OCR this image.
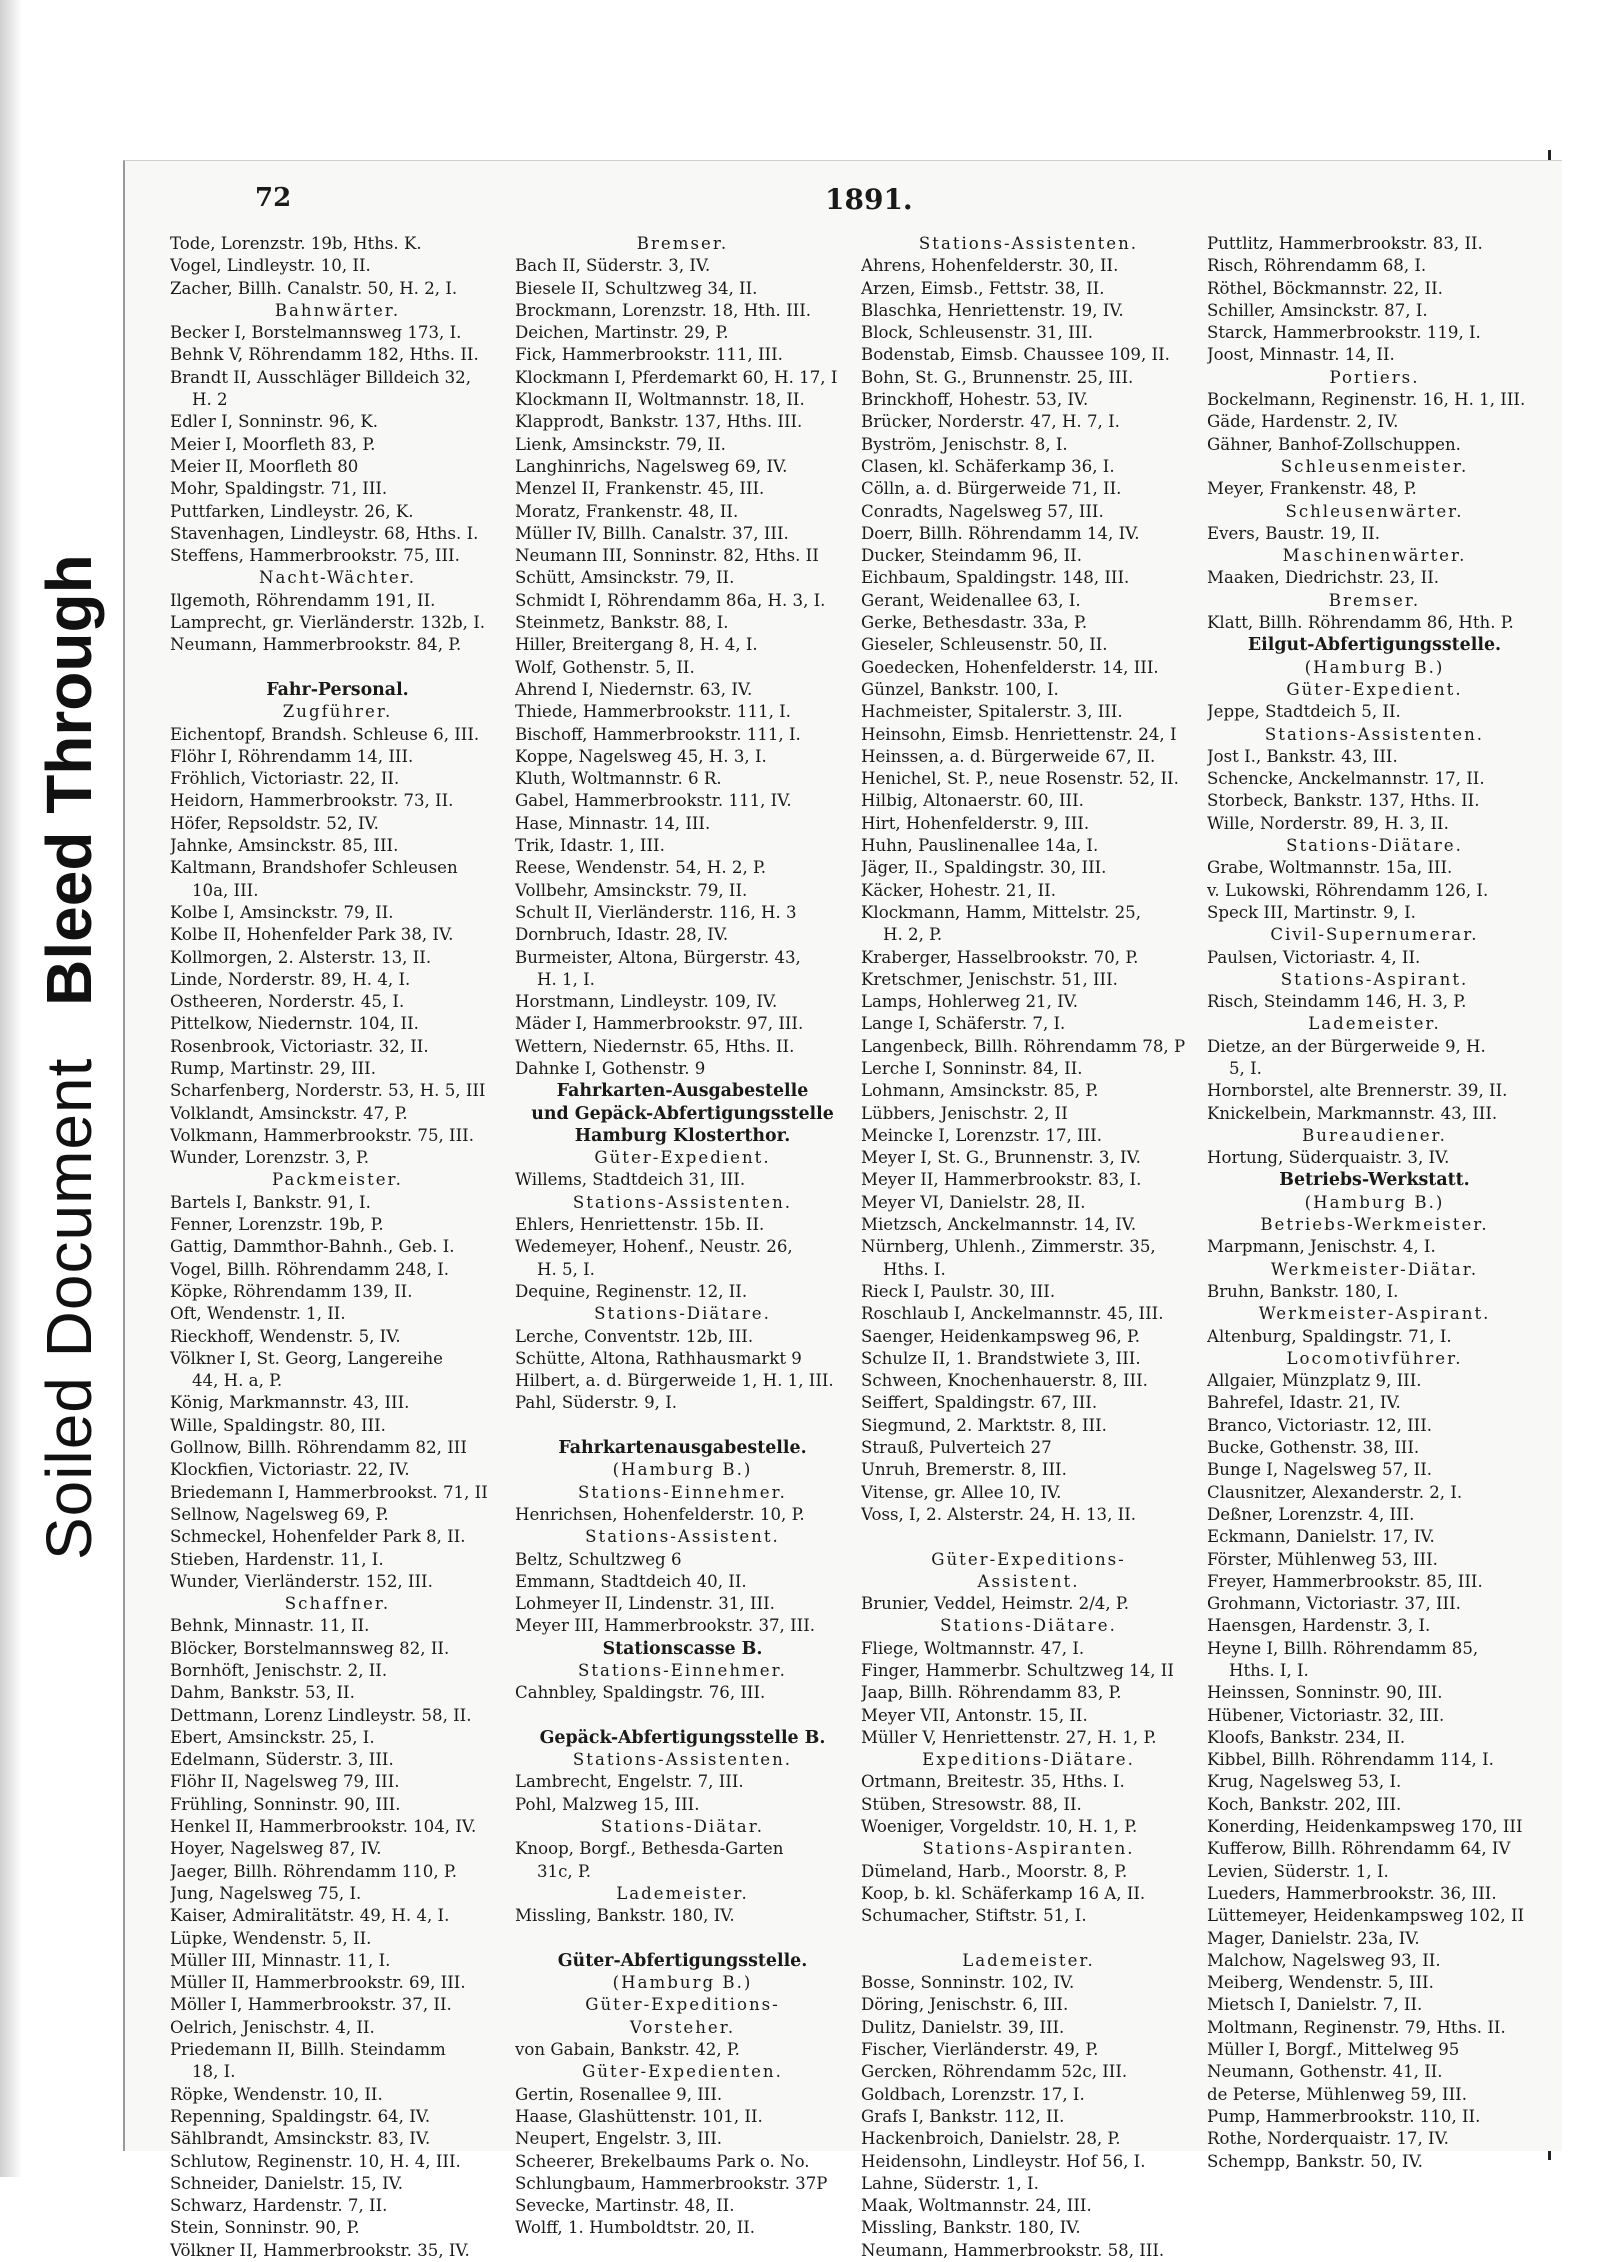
Soiled Document Bleed Through
72	1891.
Tode, Lorenzstr. 19b, Hths. K.
Vogel, Lindleystr. 10, II.
Zacher, Billh. Canalstr. 50, H. 2, I.
Bahnwärter.
Becker I, Borstelmannsweg 173, I.
Behnk V, Röhrendamm 182, Hths. II.
Brandt II, Ausschläger Billdeich 32,
H. 2
Edler I, Sonninstr. 96, K.
Meier I, Moorfleth 83, P.
Meier II, Moorfleth 80
Mohr, Spaldingstr. 71, III.
Puttfarken, Lindleystr. 26, K.
Stavenhagen, Lindleystr. 68, Hths. I.
Steffens, Hammerbrookstr. 75, III.
Nacht-Wächter.
Ilgemoth, Röhrendamm 191, II.
Lamprecht, gr. Vierländerstr. 132b, I.
Neumann, Hammerbrookstr. 84, P.
Fahr-Personal.
Zugführer.
Eichentopf, Brandsh. Schleuse 6, III.
Flöhr I, Röhrendamm 14, III.
Fröhlich, Victoriastr. 22, II.
Heidorn, Hammerbrookstr. 73, II.
Höfer, Repsoldstr. 52, IV.
Jahnke, Amsinckstr. 85, III.
Kaltmann, Brandshofer Schleusen
10a, III.
Kolbe I, Amsinckstr. 79, II.
Kolbe II, Hohenfelder Park 38, IV.
Kollmorgen, 2. Alsterstr. 13, II.
Linde, Norderstr. 89, H. 4, I.
Ostheeren, Norderstr. 45, I.
Pittelkow, Niedernstr. 104, II.
Rosenbrook, Victoriastr. 32, II.
Rump, Martinstr. 29, III.
Scharfenberg, Norderstr. 53, H. 5, III
Volklandt, Amsinckstr. 47, P.
Volkmann, Hammerbrookstr. 75, III.
Wunder, Lorenzstr. 3, P.
Packmeister.
Bartels I, Bankstr. 91, I.
Fenner, Lorenzstr. 19b, P.
Gattig, Dammthor-Bahnh., Geb. I.
Vogel, Billh. Röhrendamm 248, I.
Köpke, Röhrendamm 139, II.
Oft, Wendenstr. 1, II.
Rieckhoff, Wendenstr. 5, IV.
Völkner I, St. Georg, Langereihe
44, H. a, P.
König, Markmannstr. 43, III.
Wille, Spaldingstr. 80, III.
Gollnow, Billh. Röhrendamm 82, III
Klockfien, Victoriastr. 22, IV.
Briedemann I, Hammerbrookst. 71, II
Sellnow, Nagelsweg 69, P.
Schmeckel, Hohenfelder Park 8, II.
Stieben, Hardenstr. 11, I.
Wunder, Vierländerstr. 152, III.
Schaffner.
Behnk, Minnastr. 11, II.
Blöcker, Borstelmannsweg 82, II.
Bornhöft, Jenischstr. 2, II.
Dahm, Bankstr. 53, II.
Dettmann, Lorenz Lindleystr. 58, II.
Ebert, Amsinckstr. 25, I.
Edelmann, Süderstr. 3, III.
Flöhr II, Nagelsweg 79, III.
Frühling, Sonninstr. 90, III.
Henkel II, Hammerbrookstr. 104, IV.
Hoyer, Nagelsweg 87, IV.
Jaeger, Billh. Röhrendamm 110, P.
Jung, Nagelsweg 75, I.
Kaiser, Admiralitätstr. 49, H. 4, I.
Lüpke, Wendenstr. 5, II.
Müller III, Minnastr. 11, I.
Müller II, Hammerbrookstr. 69, III.
Möller I, Hammerbrookstr. 37, II.
Oelrich, Jenischstr. 4, II.
Priedemann II, Billh. Steindamm
18, I.
Röpke, Wendenstr. 10, II.
Repenning, Spaldingstr. 64, IV.
Sählbrandt, Amsinckstr. 83, IV.
Schlutow, Reginenstr. 10, H. 4, III.
Schneider, Danielstr. 15, IV.
Schwarz, Hardenstr. 7, II.
Stein, Sonninstr. 90, P.
Völkner II, Hammerbrookstr. 35, IV.
Bremser.
Bach II, Süderstr. 3, IV.
Biesele II, Schultzweg 34, II.
Brockmann, Lorenzstr. 18, Hth. III.
Deichen, Martinstr. 29, P.
Fick, Hammerbrookstr. 111, III.
Klockmann I, Pferdemarkt 60, H. 17, I
Klockmann II, Woltmannstr. 18, II.
Klapprodt, Bankstr. 137, Hths. III.
Lienk, Amsinckstr. 79, II.
Langhinrichs, Nagelsweg 69, IV.
Menzel II, Frankenstr. 45, III.
Moratz, Frankenstr. 48, II.
Müller IV, Billh. Canalstr. 37, III.
Neumann III, Sonninstr. 82, Hths. II
Schütt, Amsinckstr. 79, II.
Schmidt I, Röhrendamm 86a, H. 3, I.
Steinmetz, Bankstr. 88, I.
Hiller, Breitergang 8, H. 4, I.
Wolf, Gothenstr. 5, II.
Ahrend I, Niedernstr. 63, IV.
Thiede, Hammerbrookstr. 111, I.
Bischoff, Hammerbrookstr. 111, I.
Koppe, Nagelsweg 45, H. 3, I.
Kluth, Woltmannstr. 6 R.
Gabel, Hammerbrookstr. 111, IV.
Hase, Minnastr. 14, III.
Trik, Idastr. 1, III.
Reese, Wendenstr. 54, H. 2, P.
Vollbehr, Amsinckstr. 79, II.
Schult II, Vierländerstr. 116, H. 3
Dornbruch, Idastr. 28, IV.
Burmeister, Altona, Bürgerstr. 43,
H. 1, I.
Horstmann, Lindleystr. 109, IV.
Mäder I, Hammerbrookstr. 97, III.
Wettern, Niedernstr. 65, Hths. II.
Dahnke I, Gothenstr. 9
Fahrkarten-Ausgabestelle
und Gepäck-Abfertigungsstelle
Hamburg Klosterthor.
Güter-Expedient.
Willems, Stadtdeich 31, III.
Stations-Assistenten.
Ehlers, Henriettenstr. 15b. II.
Wedemeyer, Hohenf., Neustr. 26,
H. 5, I.
Dequine, Reginenstr. 12, II.
Stations-Diätare.
Lerche, Conventstr. 12b, III.
Schütte, Altona, Rathhausmarkt 9
Hilbert, a. d. Bürgerweide 1, H. 1, III.
Pahl, Süderstr. 9, I.
Fahrkartenausgabestelle.
(Hamburg B.)
Stations-Einnehmer.
Henrichsen, Hohenfelderstr. 10, P.
Stations-Assistent.
Beltz, Schultzweg 6
Emmann, Stadtdeich 40, II.
Lohmeyer II, Lindenstr. 31, III.
Meyer III, Hammerbrookstr. 37, III.
Stationscasse B.
Stations-Einnehmer.
Cahnbley, Spaldingstr. 76, III.
Gepäck-Abfertigungsstelle B.
Stations-Assistenten.
Lambrecht, Engelstr. 7, III.
Pohl, Malzweg 15, III.
Stations-Diätar.
Knoop, Borgf., Bethesda-Garten
31c, P.
Lademeister.
Missling, Bankstr. 180, IV.
Güter-Abfertigungsstelle.
(Hamburg B.)
Güter-Expeditions-
Vorsteher.
von Gabain, Bankstr. 42, P.
Güter-Expedienten.
Gertin, Rosenallee 9, III.
Haase, Glashüttenstr. 101, II.
Neupert, Engelstr. 3, III.
Scheerer, Brekelbaums Park o. No.
Schlungbaum, Hammerbrookstr. 37P
Sevecke, Martinstr. 48, II.
Wolff, 1. Humboldtstr. 20, II.
Stations-Assistenten.
Ahrens, Hohenfelderstr. 30, II.
Arzen, Eimsb., Fettstr. 38, II.
Blaschka, Henriettenstr. 19, IV.
Block, Schleusenstr. 31, III.
Bodenstab, Eimsb. Chaussee 109, II.
Bohn, St. G., Brunnenstr. 25, III.
Brinckhoff, Hohestr. 53, IV.
Brücker, Norderstr. 47, H. 7, I.
Byström, Jenischstr. 8, I.
Clasen, kl. Schäferkamp 36, I.
Cölln, a. d. Bürgerweide 71, II.
Conradts, Nagelsweg 57, III.
Doerr, Billh. Röhrendamm 14, IV.
Ducker, Steindamm 96, II.
Eichbaum, Spaldingstr. 148, III.
Gerant, Weidenallee 63, I.
Gerke, Bethesdastr. 33a, P.
Gieseler, Schleusenstr. 50, II.
Goedecken, Hohenfelderstr. 14, III.
Günzel, Bankstr. 100, I.
Hachmeister, Spitalerstr. 3, III.
Heinsohn, Eimsb. Henriettenstr. 24, I
Heinssen, a. d. Bürgerweide 67, II.
Henichel, St. P., neue Rosenstr. 52, II.
Hilbig, Altonaerstr. 60, III.
Hirt, Hohenfelderstr. 9, III.
Huhn, Pauslinenallee 14a, I.
Jäger, II., Spaldingstr. 30, III.
Käcker, Hohestr. 21, II.
Klockmann, Hamm, Mittelstr. 25,
H. 2, P.
Kraberger, Hasselbrookstr. 70, P.
Kretschmer, Jenischstr. 51, III.
Lamps, Hohlerweg 21, IV.
Lange I, Schäferstr. 7, I.
Langenbeck, Billh. Röhrendamm 78, P
Lerche I, Sonninstr. 84, II.
Lohmann, Amsinckstr. 85, P.
Lübbers, Jenischstr. 2, II
Meincke I, Lorenzstr. 17, III.
Meyer I, St. G., Brunnenstr. 3, IV.
Meyer II, Hammerbrookstr. 83, I.
Meyer VI, Danielstr. 28, II.
Mietzsch, Anckelmannstr. 14, IV.
Nürnberg, Uhlenh., Zimmerstr. 35,
Hths. I.
Rieck I, Paulstr. 30, III.
Roschlaub I, Anckelmannstr. 45, III.
Saenger, Heidenkampsweg 96, P.
Schulze II, 1. Brandstwiete 3, III.
Schween, Knochenhauerstr. 8, III.
Seiffert, Spaldingstr. 67, III.
Siegmund, 2. Marktstr. 8, III.
Strauß, Pulverteich 27
Unruh, Bremerstr. 8, III.
Vitense, gr. Allee 10, IV.
Voss, I, 2. Alsterstr. 24, H. 13, II.
Güter-Expeditions-
Assistent.
Brunier, Veddel, Heimstr. 2/4, P.
Stations-Diätare.
Fliege, Woltmannstr. 47, I.
Finger, Hammerbr. Schultzweg 14, II
Jaap, Billh. Röhrendamm 83, P.
Meyer VII, Antonstr. 15, II.
Müller V, Henriettenstr. 27, H. 1, P.
Expeditions-Diätare.
Ortmann, Breitestr. 35, Hths. I.
Stüben, Stresowstr. 88, II.
Woeniger, Vorgeldstr. 10, H. 1, P.
Stations-Aspiranten.
Dümeland, Harb., Moorstr. 8, P.
Koop, b. kl. Schäferkamp 16 A, II.
Schumacher, Stiftstr. 51, I.
Lademeister.
Bosse, Sonninstr. 102, IV.
Döring, Jenischstr. 6, III.
Dulitz, Danielstr. 39, III.
Fischer, Vierländerstr. 49, P.
Gercken, Röhrendamm 52c, III.
Goldbach, Lorenzstr. 17, I.
Grafs I, Bankstr. 112, II.
Hackenbroich, Danielstr. 28, P.
Heidensohn, Lindleystr. Hof 56, I.
Lahne, Süderstr. 1, I.
Maak, Woltmannstr. 24, III.
Missling, Bankstr. 180, IV.
Neumann, Hammerbrookstr. 58, III.
Puttlitz, Hammerbrookstr. 83, II.
Risch, Röhrendamm 68, I.
Röthel, Böckmannstr. 22, II.
Schiller, Amsinckstr. 87, I.
Starck, Hammerbrookstr. 119, I.
Joost, Minnastr. 14, II.
Portiers.
Bockelmann, Reginenstr. 16, H. 1, III.
Gäde, Hardenstr. 2, IV.
Gähner, Banhof-Zollschuppen.
Schleusenmeister.
Meyer, Frankenstr. 48, P.
Schleusenwärter.
Evers, Baustr. 19, II.
Maschinenwärter.
Maaken, Diedrichstr. 23, II.
Bremser.
Klatt, Billh. Röhrendamm 86, Hth. P.
Eilgut-Abfertigungsstelle.
(Hamburg B.)
Güter-Expedient.
Jeppe, Stadtdeich 5, II.
Stations-Assistenten.
Jost I., Bankstr. 43, III.
Schencke, Anckelmannstr. 17, II.
Storbeck, Bankstr. 137, Hths. II.
Wille, Norderstr. 89, H. 3, II.
Stations-Diätare.
Grabe, Woltmannstr. 15a, III.
v. Lukowski, Röhrendamm 126, I.
Speck III, Martinstr. 9, I.
Civil-Supernumerar.
Paulsen, Victoriastr. 4, II.
Stations-Aspirant.
Risch, Steindamm 146, H. 3, P.
Lademeister.
Dietze, an der Bürgerweide 9, H.
5, I.
Hornborstel, alte Brennerstr. 39, II.
Knickelbein, Markmannstr. 43, III.
Bureaudiener.
Hortung, Süderquaistr. 3, IV.
Betriebs-Werkstatt.
(Hamburg B.)
Betriebs-Werkmeister.
Marpmann, Jenischstr. 4, I.
Werkmeister-Diätar.
Bruhn, Bankstr. 180, I.
Werkmeister-Aspirant.
Altenburg, Spaldingstr. 71, I.
Locomotivführer.
Allgaier, Münzplatz 9, III.
Bahrefel, Idastr. 21, IV.
Branco, Victoriastr. 12, III.
Bucke, Gothenstr. 38, III.
Bunge I, Nagelsweg 57, II.
Clausnitzer, Alexanderstr. 2, I.
Deßner, Lorenzstr. 4, III.
Eckmann, Danielstr. 17, IV.
Förster, Mühlenweg 53, III.
Freyer, Hammerbrookstr. 85, III.
Grohmann, Victoriastr. 37, III.
Haensgen, Hardenstr. 3, I.
Heyne I, Billh. Röhrendamm 85,
Hths. I, I.
Heinssen, Sonninstr. 90, III.
Hübener, Victoriastr. 32, III.
Kloofs, Bankstr. 234, II.
Kibbel, Billh. Röhrendamm 114, I.
Krug, Nagelsweg 53, I.
Koch, Bankstr. 202, III.
Konerding, Heidenkampsweg 170, III
Kufferow, Billh. Röhrendamm 64, IV
Levien, Süderstr. 1, I.
Lueders, Hammerbrookstr. 36, III.
Lüttemeyer, Heidenkampsweg 102, II
Mager, Danielstr. 23a, IV.
Malchow, Nagelsweg 93, II.
Meiberg, Wendenstr. 5, III.
Mietsch I, Danielstr. 7, II.
Moltmann, Reginenstr. 79, Hths. II.
Müller I, Borgf., Mittelweg 95
Neumann, Gothenstr. 41, II.
de Peterse, Mühlenweg 59, III.
Pump, Hammerbrookstr. 110, II.
Rothe, Norderquaistr. 17, IV.
Schempp, Bankstr. 50, IV.
